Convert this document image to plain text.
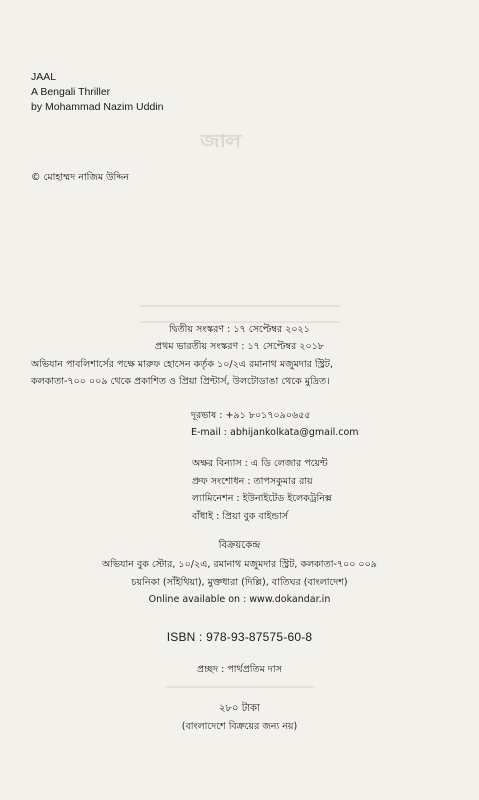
JAAL
A Bengali Thriller
by Mohammad Nazim Uddin
জাল
© মোহাম্মদ নাজিম উদ্দিন
দ্বিতীয় সংস্করণ : ১৭ সেপ্টেম্বর ২০২১
প্রথম ভারতীয় সংস্করণ : ১৭ সেপ্টেম্বর ২০১৮
অভিযান পাবলিশার্সের পক্ষে মারুফ হোসেন কর্তৃক ১০/২এ রমানাথ মজুমদার স্ট্রিট,
কলকাতা-৭০০ ০০৯ থেকে প্রকাশিত ও প্রিয়া প্রিন্টার্স, উলটোডাঙা থেকে মুদ্রিত।
দূরভাষ : +৯১ ৮০১৭০৯০৬৫৫
E-mail : abhijankolkata@gmail.com
অক্ষর বিন্যাস : এ ডি লেজার পয়েন্ট
প্রুফ সংশোধন : তাপসকুমার রায়
ল্যামিনেশন : ইউনাইটেড ইলেকট্রনিক্স
বাঁধাই : প্রিয়া বুক বাইন্ডার্স
বিক্রয়কেন্দ্র
অভিযান বুক স্টোর, ১০/২এ, রমানাথ মজুমদার স্ট্রিট, কলকাতা-৭০০ ০০৯
চয়নিকা (সাঁইথিয়া), মুক্তধারা (দিল্লি), বাতিঘর (বাংলাদেশ)
Online available on : www.dokandar.in
ISBN : 978-93-87575-60-8
প্রচ্ছদ : পার্থপ্রতিম দাস
২৮০ টাকা
(বাংলাদেশে বিক্রয়ের জন্য নয়)
